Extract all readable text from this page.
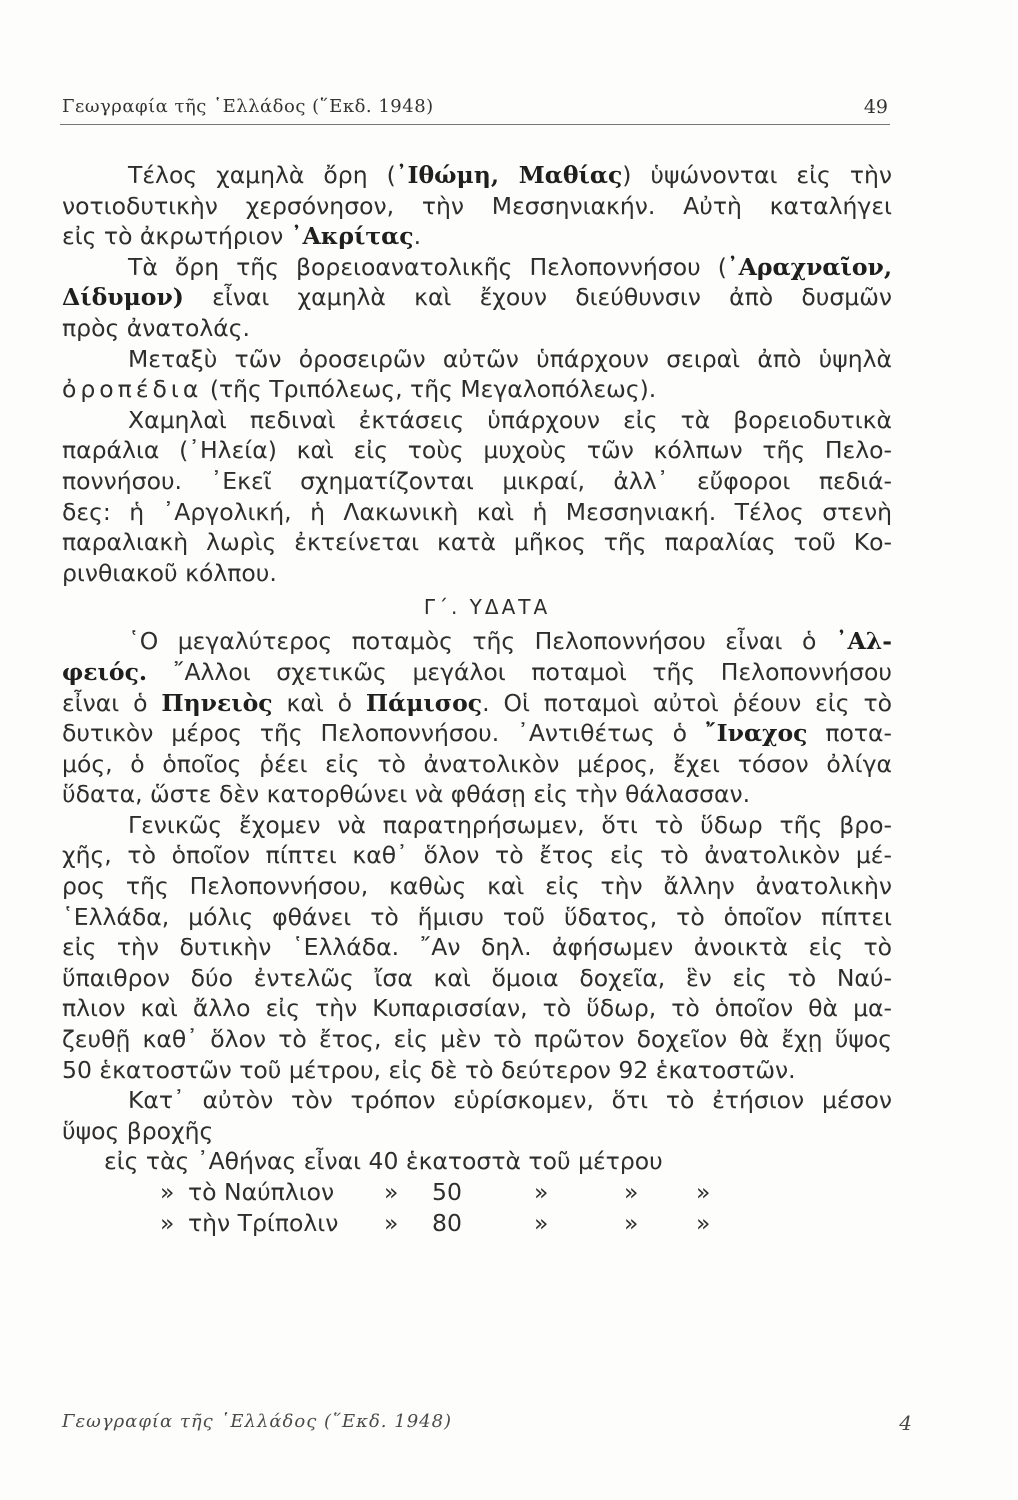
Γεωγραφία τῆς ῾Ελλάδος (῞Εκδ. 1948)	49
Τέλος χαμηλὰ ὄρη (᾿Ιθώμη, Μαθίας) ὑψώνονται εἰς τὴν
νοτιοδυτικὴν χερσόνησον, τὴν Μεσσηνιακήν. Αὐτὴ καταλήγει
εἰς τὸ ἀκρωτήριον ᾿Ακρίτας.
Τὰ ὄρη τῆς βορειοανατολικῆς Πελοποννήσου (᾿Αραχναῖον,
Δίδυμον) εἶναι χαμηλὰ καὶ ἔχουν διεύθυνσιν ἀπὸ δυσμῶν
πρὸς ἀνατολάς.
Μεταξὺ τῶν ὀροσειρῶν αὐτῶν ὑπάρχουν σειραὶ ἀπὸ ὑψηλὰ
ὀροπέδια (τῆς Τριπόλεως, τῆς Μεγαλοπόλεως).
Χαμηλαὶ πεδιναὶ ἐκτάσεις ὑπάρχουν εἰς τὰ βορειοδυτικὰ
παράλια (᾿Ηλεία) καὶ εἰς τοὺς μυχοὺς τῶν κόλπων τῆς Πελο-
ποννήσου. ᾿Εκεῖ σχηματίζονται μικραί, ἀλλ᾿ εὔφοροι πεδιά-
δες: ἡ ᾿Αργολική, ἡ Λακωνικὴ καὶ ἡ Μεσσηνιακή. Τέλος στενὴ
παραλιακὴ λωρὶς ἐκτείνεται κατὰ μῆκος τῆς παραλίας τοῦ Κο-
ρινθιακοῦ κόλπου.
Γ΄. ΥΔΑΤΑ
῾Ο μεγαλύτερος ποταμὸς τῆς Πελοποννήσου εἶναι ὁ ᾿Αλ-
φειός. ῎Αλλοι σχετικῶς μεγάλοι ποταμοὶ τῆς Πελοποννήσου
εἶναι ὁ Πηνειὸς καὶ ὁ Πάμισος. Οἱ ποταμοὶ αὐτοὶ ῥέουν εἰς τὸ
δυτικὸν μέρος τῆς Πελοποννήσου. ᾿Αντιθέτως ὁ ῎Ιναχος ποτα-
μός, ὁ ὁποῖος ῥέει εἰς τὸ ἀνατολικὸν μέρος, ἔχει τόσον ὀλίγα
ὕδατα, ὥστε δὲν κατορθώνει νὰ φθάσῃ εἰς τὴν θάλασσαν.
Γενικῶς ἔχομεν νὰ παρατηρήσωμεν, ὅτι τὸ ὕδωρ τῆς βρο-
χῆς, τὸ ὁποῖον πίπτει καθ᾿ ὅλον τὸ ἔτος εἰς τὸ ἀνατολικὸν μέ-
ρος τῆς Πελοποννήσου, καθὼς καὶ εἰς τὴν ἄλλην ἀνατολικὴν
῾Ελλάδα, μόλις φθάνει τὸ ἥμισυ τοῦ ὕδατος, τὸ ὁποῖον πίπτει
εἰς τὴν δυτικὴν ῾Ελλάδα. ῎Αν δηλ. ἀφήσωμεν ἀνοικτὰ εἰς τὸ
ὕπαιθρον δύο ἐντελῶς ἴσα καὶ ὅμοια δοχεῖα, ἓν εἰς τὸ Ναύ-
πλιον καὶ ἄλλο εἰς τὴν Κυπαρισσίαν, τὸ ὕδωρ, τὸ ὁποῖον θὰ μα-
ζευθῇ καθ᾿ ὅλον τὸ ἔτος, εἰς μὲν τὸ πρῶτον δοχεῖον θὰ ἔχῃ ὕψος
50 ἑκατοστῶν τοῦ μέτρου, εἰς δὲ τὸ δεύτερον 92 ἑκατοστῶν.
Κατ᾿ αὐτὸν τὸν τρόπον εὑρίσκομεν, ὅτι τὸ ἐτήσιον μέσον
ὕψος βροχῆς
εἰς τὰς ᾿Αθήνας εἶναι 40 ἑκατοστὰ τοῦ μέτρου
» τὸ Ναύπλιον » 50	»	» »
» τὴν Τρίπολιν » 80	»	» »
Γεωγραφία τῆς ῾Ελλάδος (῞Εκδ. 1948)	4
